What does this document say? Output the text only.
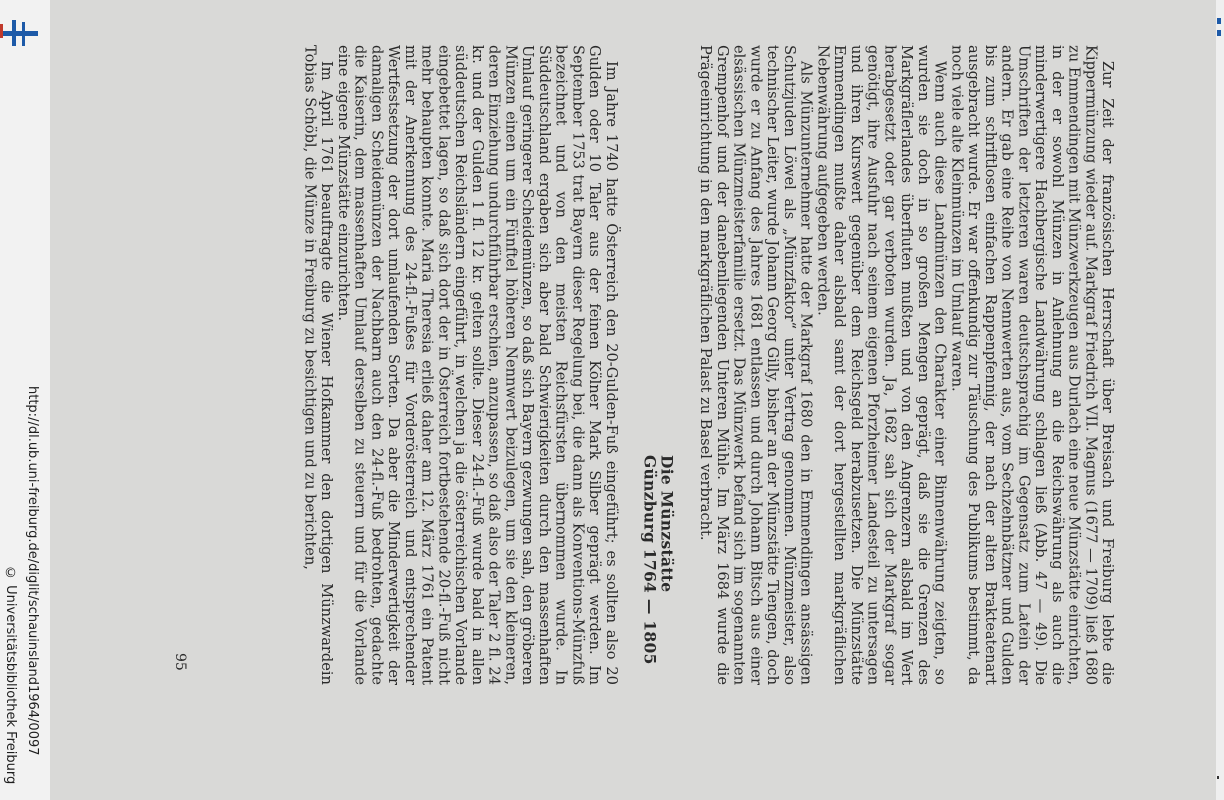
http://dl.ub.uni-freiburg.de/diglit/schauinsland1964/0097
© Universitätsbibliothek Freiburg	Zur Zeit der französischen Herrschaft über Breisach und Freiburg lebte die Kippermünzung wieder auf. Markgraf Friedrich VII. Magnus (1677 — 1709) ließ 1680 zu Emmendingen mit Münzwerkzeugen aus Durlach eine neue Münzstätte einrichten, in der er sowohl Münzen in Anlehnung an die Reichswährung als auch die minderwertigere Hachbergische Landwährung schlagen ließ (Abb. 47 — 49). Die Umschriften der letzteren waren deutschsprachig im Gegensatz zum Latein der andern. Er gab eine Reihe von Nennwerten aus, vom Sechzehnbätzner und Gulden bis zum schriftlosen einfachen Rappenpfennig, der nach der alten Brakteatenart ausgebracht wurde. Er war offenkundig zur Täuschung des Publikums bestimmt, da noch viele alte Kleinmünzen im Umlauf waren.

Wenn auch diese Landmünzen den Charakter einer Binnenwährung zeigten, so wurden sie doch in so großen Mengen geprägt, daß sie die Grenzen des Markgräflerlandes überfluten mußten und von den Angrenzern alsbald im Wert herabgesetzt oder gar verboten wurden. Ja, 1682 sah sich der Markgraf sogar genötigt, ihre Ausfuhr nach seinem eigenen Pforzheimer Landesteil zu untersagen und ihren Kurswert gegenüber dem Reichsgeld herabzusetzen. Die Münzstätte Emmendingen mußte daher alsbald samt der dort hergestellten markgräflichen Nebenwährung aufgegeben werden.

Als Münzunternehmer hatte der Markgraf 1680 den in Emmendingen ansässigen Schutzjuden Löwel als „Münzfaktor“ unter Vertrag genommen. Münzmeister, also technischer Leiter, wurde Johann Georg Gilly, bisher an der Münzstätte Tiengen, doch wurde er zu Anfang des Jahres 1681 entlassen und durch Johann Bitsch aus einer elsässischen Münzmeisterfamilie ersetzt. Das Münzwerk befand sich im sogenannten Grempenhof und der danebenliegenden Unteren Mühle. Im März 1684 wurde die Prägeeinrichtung in den markgräflichen Palast zu Basel verbracht.

Die Münzstätte Günzburg 1764 — 1805

Im Jahre 1740 hatte Österreich den 20-Gulden-Fuß eingeführt; es sollten also 20 Gulden oder 10 Taler aus der feinen Kölner Mark Silber geprägt werden. Im September 1753 trat Bayern dieser Regelung bei, die dann als Konventions-Münzfuß bezeichnet und von den meisten Reichsfürsten übernommen wurde. In Süddeutschland ergaben sich aber bald Schwierigkeiten durch den massenhaften Umlauf geringerer Scheidemünzen, so daß sich Bayern gezwungen sah, den gröberen Münzen einen um ein Fünftel höheren Nennwert beizulegen, um sie den kleineren, deren Einziehung undurchführbar erschien, anzupassen, so daß also der Taler 2 fl. 24 kr. und der Gulden 1 fl. 12 kr. gelten sollte. Dieser 24-fl.-Fuß wurde bald in allen süddeutschen Reichsländern eingeführt, in welchen ja die österreichischen Vorlande eingebettet lagen, so daß sich dort der in Österreich fortbestehende 20-fl.-Fuß nicht mehr behaupten konnte. Maria Theresia erließ daher am 12. März 1761 ein Patent mit der Anerkennung des 24-fl.-Fußes für Vorderösterreich und entsprechender Wertfestsetzung der dort umlaufenden Sorten. Da aber die Minderwertigkeit der damaligen Scheidemünzen der Nachbarn auch den 24-fl.-Fuß bedrohten, gedachte die Kaiserin, dem massenhaften Umlauf derselben zu steuern und für die Vorlande eine eigene Münzstätte einzurichten.

Im April 1761 beauftragte die Wiener Hofkammer den dortigen Münzwardein Tobias Schöbl, die Münze in Freiburg zu besichtigen und zu berichten,

95
